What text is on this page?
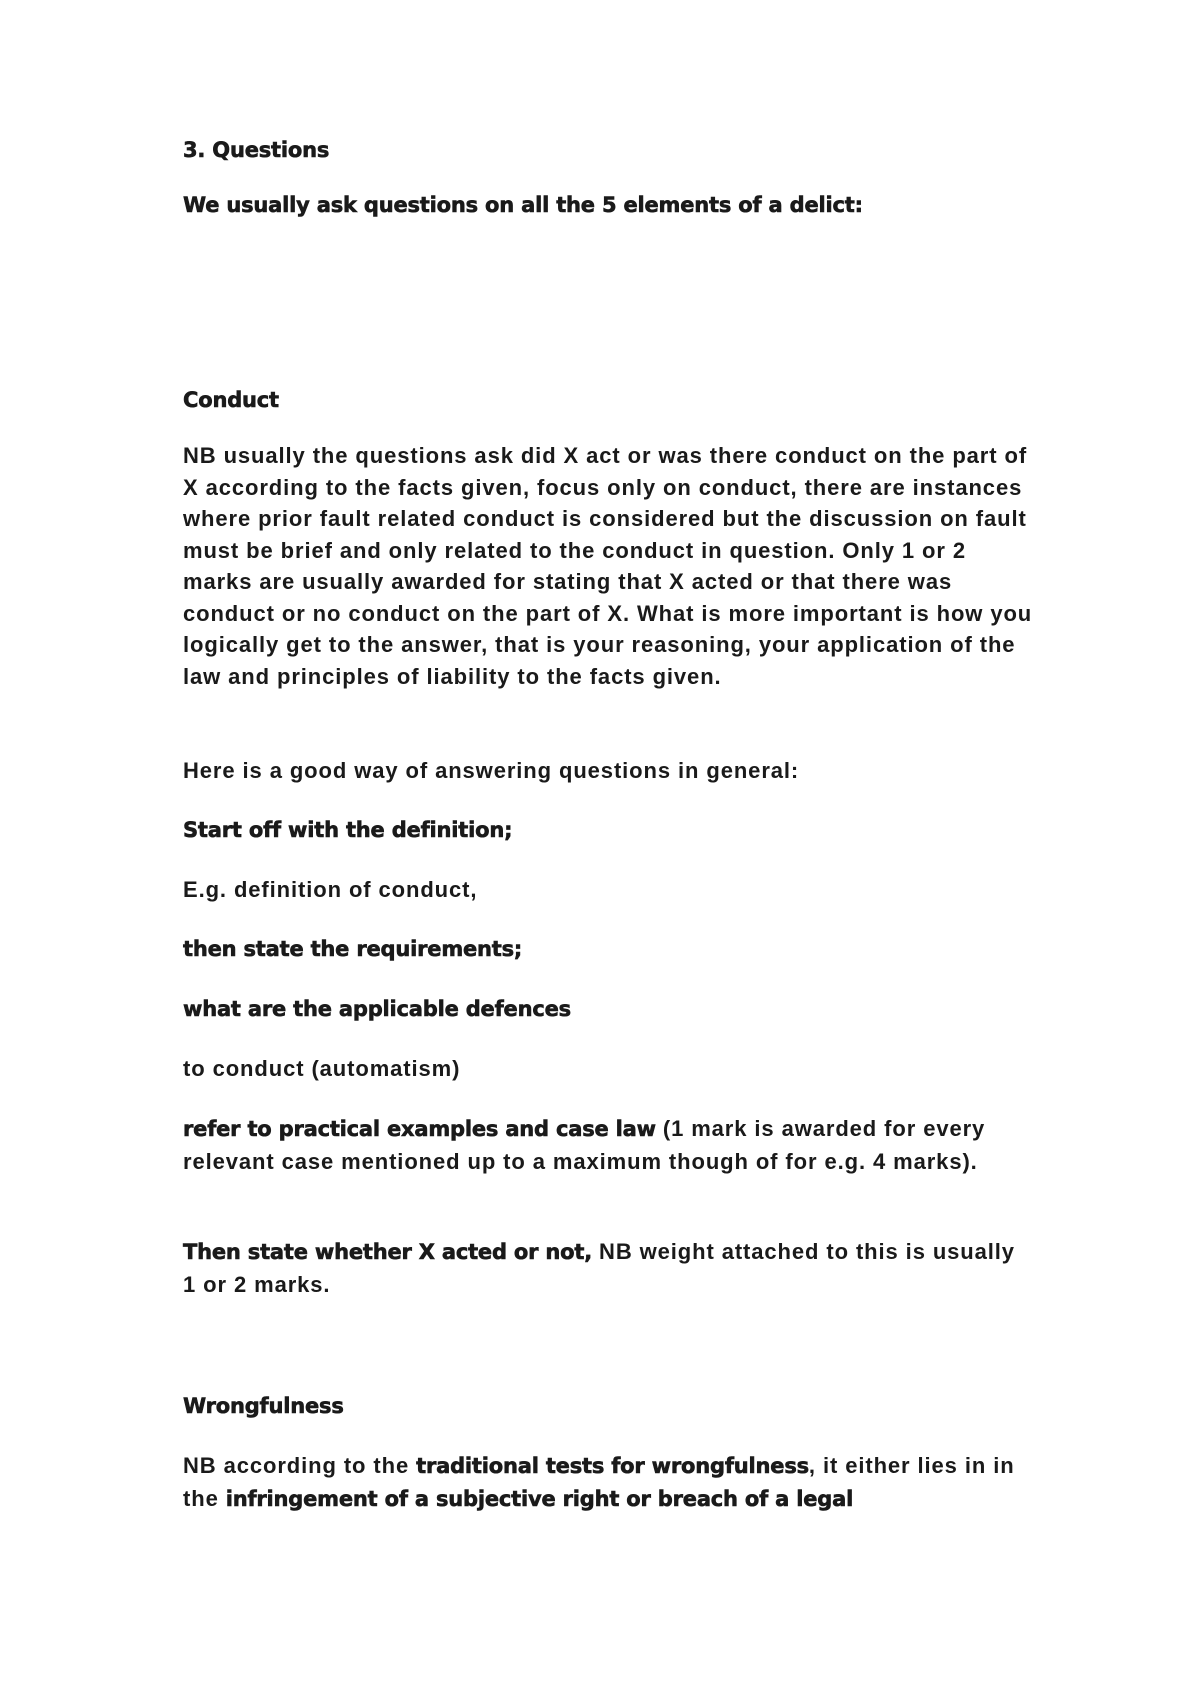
3. Questions

We usually ask questions on all the 5 elements of a delict:

Conduct

NB usually the questions ask did X act or was there conduct on the part of X according to the facts given, focus only on conduct, there are instances where prior fault related conduct is considered but the discussion on fault must be brief and only related to the conduct in question. Only 1 or 2 marks are usually awarded for stating that X acted or that there was conduct or no conduct on the part of X. What is more important is how you logically get to the answer, that is your reasoning, your application of the law and principles of liability to the facts given.

Here is a good way of answering questions in general:

Start off with the definition;

E.g. definition of conduct,

then state the requirements;

what are the applicable defences

to conduct (automatism)

refer to practical examples and case law (1 mark is awarded for every relevant case mentioned up to a maximum though of for e.g. 4 marks).

Then state whether X acted or not, NB weight attached to this is usually 1 or 2 marks.

Wrongfulness

NB according to the traditional tests for wrongfulness, it either lies in in the infringement of a subjective right or breach of a legal
